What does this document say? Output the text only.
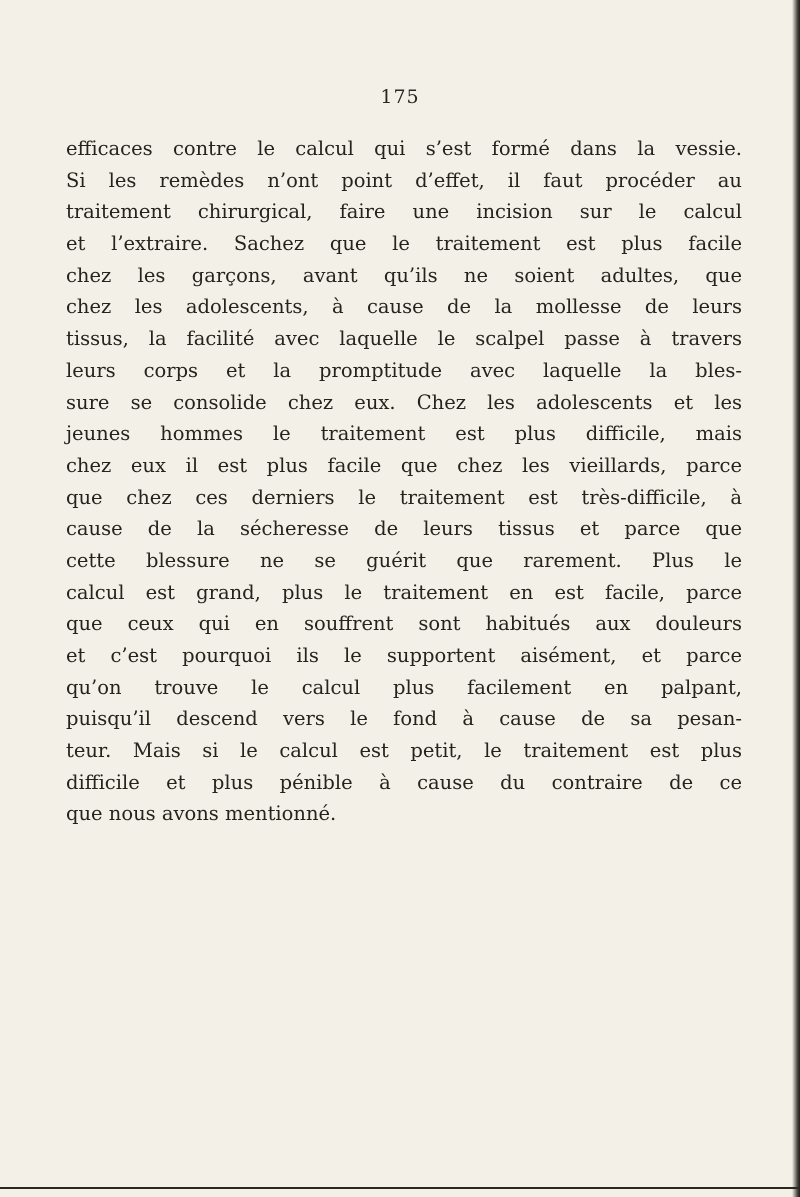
175
efficaces contre le calcul qui s’est formé dans la vessie.
Si les remèdes n’ont point d’effet, il faut procéder au
traitement chirurgical, faire une incision sur le calcul
et l’extraire. Sachez que le traitement est plus facile
chez les garçons, avant qu’ils ne soient adultes, que
chez les adolescents, à cause de la mollesse de leurs
tissus, la facilité avec laquelle le scalpel passe à travers
leurs corps et la promptitude avec laquelle la bles-
sure se consolide chez eux. Chez les adolescents et les
jeunes hommes le traitement est plus difficile, mais
chez eux il est plus facile que chez les vieillards, parce
que chez ces derniers le traitement est très-difficile, à
cause de la sécheresse de leurs tissus et parce que
cette blessure ne se guérit que rarement. Plus le
calcul est grand, plus le traitement en est facile, parce
que ceux qui en souffrent sont habitués aux douleurs
et c’est pourquoi ils le supportent aisément, et parce
qu’on trouve le calcul plus facilement en palpant,
puisqu’il descend vers le fond à cause de sa pesan-
teur. Mais si le calcul est petit, le traitement est plus
difficile et plus pénible à cause du contraire de ce
que nous avons mentionné.
